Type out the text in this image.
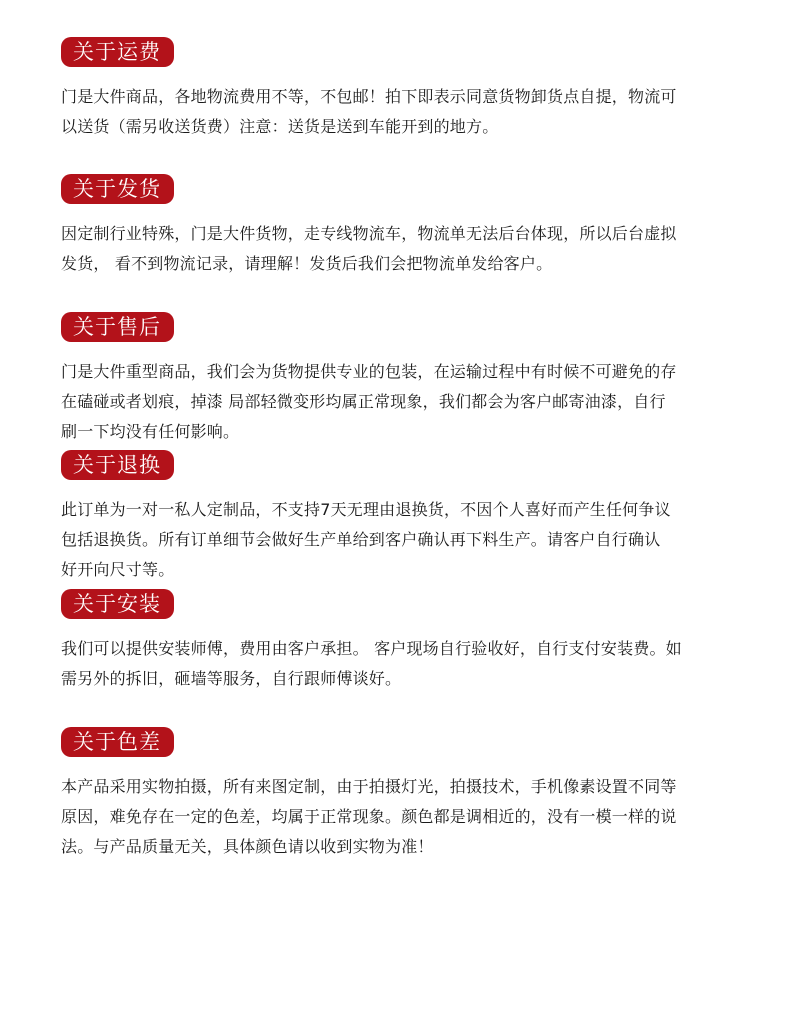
关于运费

门是大件商品，各地物流费用不等，不包邮！拍下即表示同意货物卸货点自提，物流可
以送货（需另收送货费）注意：送货是送到车能开到的地方。

关于发货

因定制行业特殊，门是大件货物，走专线物流车，物流单无法后台体现，所以后台虚拟
发货， 看不到物流记录，请理解！发货后我们会把物流单发给客户。

关于售后

门是大件重型商品，我们会为货物提供专业的包装，在运输过程中有时候不可避免的存
在磕碰或者划痕，掉漆 局部轻微变形均属正常现象，我们都会为客户邮寄油漆，自行
刷一下均没有任何影响。

关于退换

此订单为一对一私人定制品，不支持7天无理由退换货，不因个人喜好而产生任何争议
包括退换货。所有订单细节会做好生产单给到客户确认再下料生产。请客户自行确认
好开向尺寸等。

关于安装

我们可以提供安装师傅，费用由客户承担。 客户现场自行验收好，自行支付安装费。如
需另外的拆旧，砸墙等服务，自行跟师傅谈好。

关于色差

本产品采用实物拍摄，所有来图定制，由于拍摄灯光，拍摄技术，手机像素设置不同等
原因，难免存在一定的色差，均属于正常现象。颜色都是调相近的，没有一模一样的说
法。与产品质量无关，具体颜色请以收到实物为准！
